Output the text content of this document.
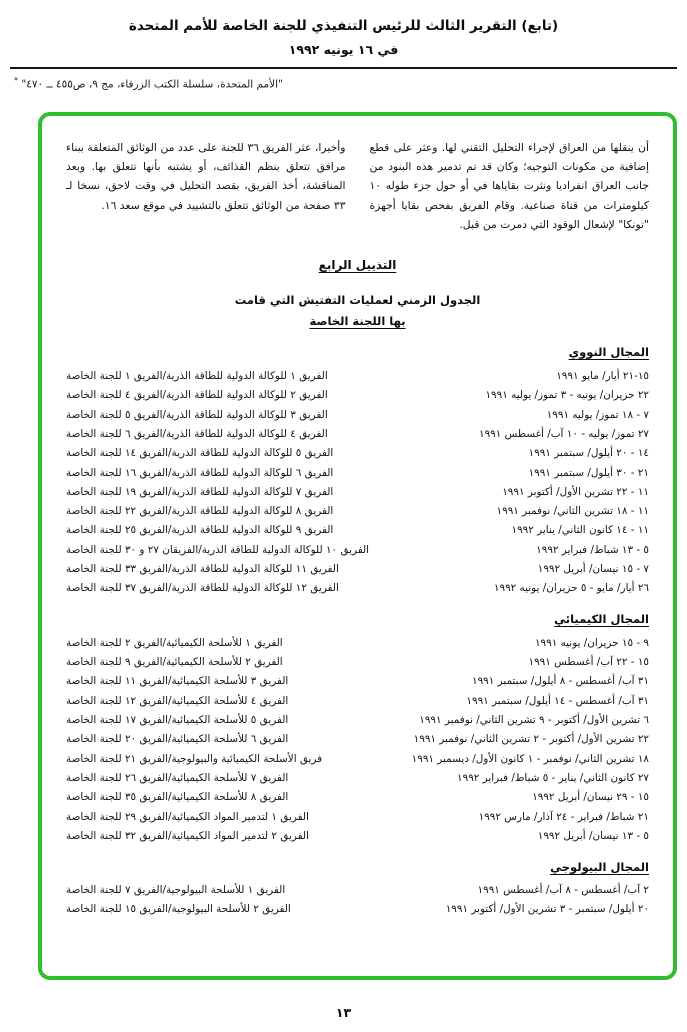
(تابع) التقرير الثالث للرئيس التنفيذي للجنة الخاصة للأمم المتحدة
في ١٦ يونيه ١٩٩٢
"الأمم المتحدة، سلسلة الكتب الزرقاء، مج ٩، ص٤٥٥ ــ ٤٧٠" *

أن ينقلها من العراق لإجراء التحليل التقني لها. وعثر على قطع إضافية من مكونات التوجيه؛ وكان قد تم تدمير هذه البنود من جانب العراق انفراديا ونثرت بقاياها في أو حول جزء طوله ١٠ كيلومترات من قناة صناعية. وقام الفريق بفحص بقايا أجهزة "تونكا" لإشعال الوقود التي دمرت من قبل.

وأخيرا، عثر الفريق ٣٦ للجنة على عدد من الوثائق المتعلقة ببناء مرافق تتعلق بنظم القذائف، أو يشتبه بأنها تتعلق بها. وبعد المناقشة، أخذ الفريق، بقصد التحليل في وقت لاحق، نسخا لـ ٣٣ صفحة من الوثائق تتعلق بالتشييد في موقع سعد ١٦.

التذييل الرابع
الجدول الزمني لعمليات التفتيش التي قامت
بها اللجنة الخاصة
المجال النووي
١٥-٢١ أيار/ مايو ١٩٩١
الفريق ١ للوكالة الدولية للطاقة الذرية/الفريق ١ للجنة الخاصة
٢٢ حزيران/ يونيه - ٣ تموز/ يوليه ١٩٩١
الفريق ٢ للوكالة الدولية للطاقة الذرية/الفريق ٤ للجنة الخاصة
٧ - ١٨ تموز/ يوليه ١٩٩١
الفريق ٣ للوكالة الدولية للطاقة الذرية/الفريق ٥ للجنة الخاصة
٢٧ تموز/ يوليه - ١٠ آب/ أغسطس ١٩٩١
الفريق ٤ للوكالة الدولية للطاقة الذرية/الفريق ٦ للجنة الخاصة
١٤ - ٢٠ أيلول/ سبتمبر ١٩٩١
الفريق ٥ للوكالة الدولية للطاقة الذرية/الفريق ١٤ للجنة الخاصة
٢١ - ٣٠ أيلول/ سبتمبر ١٩٩١
الفريق ٦ للوكالة الدولية للطاقة الذرية/الفريق ١٦ للجنة الخاصة
١١ - ٢٢ تشرين الأول/ أكتوبر ١٩٩١
الفريق ٧ للوكالة الدولية للطاقة الذرية/الفريق ١٩ للجنة الخاصة
١١ - ١٨ تشرين الثاني/ نوفمبر ١٩٩١
الفريق ٨ للوكالة الدولية للطاقة الذرية/الفريق ٢٢ للجنة الخاصة
١١ - ١٤ كانون الثاني/ يناير ١٩٩٢
الفريق ٩ للوكالة الدولية للطاقة الذرية/الفريق ٢٥ للجنة الخاصة
٥ - ١٣ شباط/ فبراير ١٩٩٢
الفريق ١٠ للوكالة الدولية للطاقة الذرية/الفريقان ٢٧ و ٣٠ للجنة الخاصة
٧ - ١٥ نيسان/ أبريل ١٩٩٢
الفريق ١١ للوكالة الدولية للطاقة الذرية/الفريق ٣٣ للجنة الخاصة
٢٦ أيار/ مايو - ٥ حزيران/ يونيه ١٩٩٢
الفريق ١٢ للوكالة الدولية للطاقة الذرية/الفريق ٣٧ للجنة الخاصة
المجال الكيميائي
٩ - ١٥ حزيران/ يونيه ١٩٩١
الفريق ١ للأسلحة الكيميائية/الفريق ٢ للجنة الخاصة
١٥ - ٢٢ آب/ أغسطس ١٩٩١
الفريق ٢ للأسلحة الكيميائية/الفريق ٩ للجنة الخاصة
٣١ آب/ أغسطس - ٨ أيلول/ سبتمبر ١٩٩١
الفريق ٣ للأسلحة الكيميائية/الفريق ١١ للجنة الخاصة
٣١ آب/ أغسطس - ١٤ أيلول/ سبتمبر ١٩٩١
الفريق ٤ للأسلحة الكيميائية/الفريق ١٢ للجنة الخاصة
٦ تشرين الأول/ أكتوبر - ٩ تشرين الثاني/ نوفمبر ١٩٩١
الفريق ٥ للأسلحة الكيميائية/الفريق ١٧ للجنة الخاصة
٢٢ تشرين الأول/ أكتوبر - ٢ تشرين الثاني/ نوفمبر ١٩٩١
الفريق ٦ للأسلحة الكيميائية/الفريق ٢٠ للجنة الخاصة
١٨ تشرين الثاني/ نوفمبر - ١ كانون الأول/ ديسمبر ١٩٩١
فريق الأسلحة الكيميائية والبيولوجية/الفريق ٢١ للجنة الخاصة
٢٧ كانون الثاني/ يناير - ٥ شباط/ فبراير ١٩٩٢
الفريق ٧ للأسلحة الكيميائية/الفريق ٢٦ للجنة الخاصة
١٥ - ٢٩ نيسان/ أبريل ١٩٩٢
الفريق ٨ للأسلحة الكيميائية/الفريق ٣٥ للجنة الخاصة
٢١ شباط/ فبراير - ٢٤ آذار/ مارس ١٩٩٢
الفريق ١ لتدمير المواد الكيميائية/الفريق ٢٩ للجنة الخاصة
٥ - ١٣ نيسان/ أبريل ١٩٩٢
الفريق ٢ لتدمير المواد الكيميائية/الفريق ٣٢ للجنة الخاصة
المجال البيولوجي
٢ آب/ أغسطس - ٨ آب/ أغسطس ١٩٩١
الفريق ١ للأسلحة البيولوجية/الفريق ٧ للجنة الخاصة
٢٠ أيلول/ سبتمبر - ٣ تشرين الأول/ أكتوبر ١٩٩١
الفريق ٢ للأسلحة البيولوجية/الفريق ١٥ للجنة الخاصة
١٣
